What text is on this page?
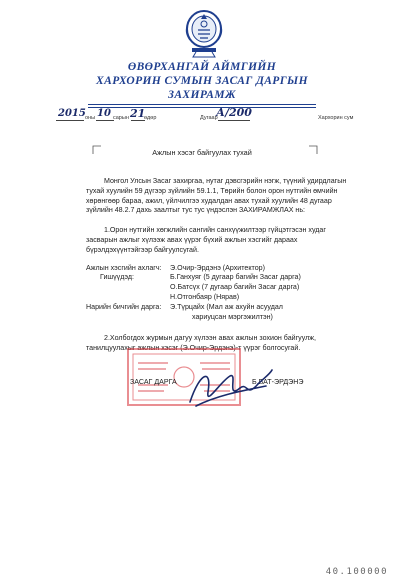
ӨВӨРХАНГАЙ АЙМГИЙН
ХАРХОРИН СУМЫН ЗАСАГ ДАРГЫН
ЗАХИРАМЖ
2015 оны 10 сарын 21
өдөр	Дугаар
А/200	Хархорин сум
Ажлын хэсэг байгуулах тухай

Монгол Улсын Засаг захиргаа, нутаг дэвсгэрийн нэгж, түүний удирдлагын тухай хуулийн 59 дүгээр зүйлийн 59.1.1, Төрийн болон орон нутгийн өмчийн хөрөнгөөр бараа, ажил, үйлчилгээ худалдан авах тухай хуулийн 48 дугаар зүйлийн 48.2.7 дахь заалтыг тус тус үндэслэн ЗАХИРАМЖЛАХ нь:

1.Орон нутгийн хөгжлийн сангийн санхүүжилтээр гүйцэтгэсэн худаг засварын ажлыг хүлээж авах үүрэг бүхий ажлын хэсгийг дараах бүрэлдэхүүнтэйгээр байгуулсугай.

Ажлын хэсгийн ахлагч:	Э.Очир-Эрдэнэ (Архитектор)
Гишүүдэд:	Б.Ганхуяг (5 дугаар багийн Засаг дарга)
	О.Батсүх (7 дугаар багийн Засаг дарга)
	Н.Отгонбаяр (Нярав)
Нарийн бичгийн дарга:	Э.Түрцайх (Мал аж ахуйн асуудал
	хариуцсан мэргэжилтэн)

2.Холбогдох журмын дагуу хүлээн авах ажлын зохион байгуулж, танилцуулахыг ажлын хэсэг (Э.Очир-Эрдэнэ)-т үүрэг болгосугай.

ЗАСАГ ДАРГА	Б.БАТ-ЭРДЭНЭ
40.100000
